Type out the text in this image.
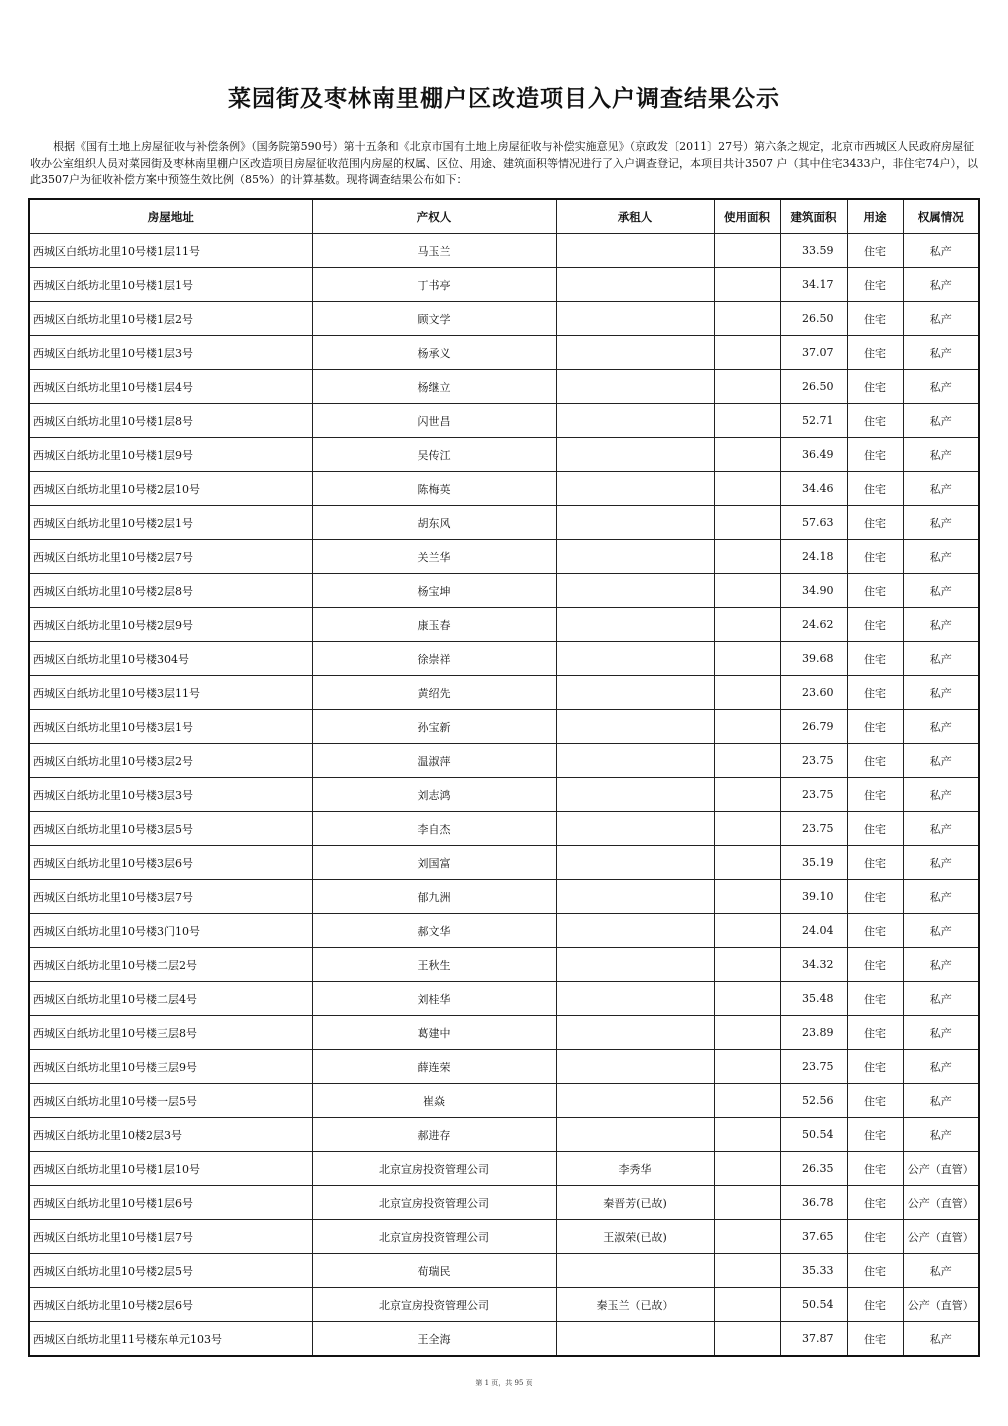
菜园街及枣林南里棚户区改造项目入户调查结果公示

根据《国有土地上房屋征收与补偿条例》（国务院第590号）第十五条和《北京市国有土地上房屋征收与补偿实施意见》（京政发〔2011〕27号）第六条之规定，北京市西城区人民政府房屋征收办公室组织人员对菜园街及枣林南里棚户区改造项目房屋征收范围内房屋的权属、区位、用途、建筑面积等情况进行了入户调查登记，本项目共计3507 户（其中住宅3433户，非住宅74户），以此3507户为征收补偿方案中预签生效比例（85%）的计算基数。现将调查结果公布如下：

房屋地址	产权人	承租人	使用面积	建筑面积	用途	权属情况
西城区白纸坊北里10号楼1层11号	马玉兰			33.59	住宅	私产
西城区白纸坊北里10号楼1层1号	丁书亭			34.17	住宅	私产
西城区白纸坊北里10号楼1层2号	顾文学			26.50	住宅	私产
西城区白纸坊北里10号楼1层3号	杨承义			37.07	住宅	私产
西城区白纸坊北里10号楼1层4号	杨继立			26.50	住宅	私产
西城区白纸坊北里10号楼1层8号	闪世昌			52.71	住宅	私产
西城区白纸坊北里10号楼1层9号	吴传江			36.49	住宅	私产
西城区白纸坊北里10号楼2层10号	陈梅英			34.46	住宅	私产
西城区白纸坊北里10号楼2层1号	胡东风			57.63	住宅	私产
西城区白纸坊北里10号楼2层7号	关兰华			24.18	住宅	私产
西城区白纸坊北里10号楼2层8号	杨宝坤			34.90	住宅	私产
西城区白纸坊北里10号楼2层9号	康玉春			24.62	住宅	私产
西城区白纸坊北里10号楼304号	徐崇祥			39.68	住宅	私产
西城区白纸坊北里10号楼3层11号	黄绍先			23.60	住宅	私产
西城区白纸坊北里10号楼3层1号	孙宝新			26.79	住宅	私产
西城区白纸坊北里10号楼3层2号	温淑萍			23.75	住宅	私产
西城区白纸坊北里10号楼3层3号	刘志鸿			23.75	住宅	私产
西城区白纸坊北里10号楼3层5号	李自杰			23.75	住宅	私产
西城区白纸坊北里10号楼3层6号	刘国富			35.19	住宅	私产
西城区白纸坊北里10号楼3层7号	郁九洲			39.10	住宅	私产
西城区白纸坊北里10号楼3门10号	郝文华			24.04	住宅	私产
西城区白纸坊北里10号楼二层2号	王秋生			34.32	住宅	私产
西城区白纸坊北里10号楼二层4号	刘桂华			35.48	住宅	私产
西城区白纸坊北里10号楼三层8号	葛建中			23.89	住宅	私产
西城区白纸坊北里10号楼三层9号	薛连荣			23.75	住宅	私产
西城区白纸坊北里10号楼一层5号	崔焱			52.56	住宅	私产
西城区白纸坊北里10楼2层3号	郝进存			50.54	住宅	私产
西城区白纸坊北里10号楼1层10号	北京宣房投资管理公司	李秀华		26.35	住宅	公产（直管）
西城区白纸坊北里10号楼1层6号	北京宣房投资管理公司	秦晋芳(已故)		36.78	住宅	公产（直管）
西城区白纸坊北里10号楼1层7号	北京宣房投资管理公司	王淑荣(已故)		37.65	住宅	公产（直管）
西城区白纸坊北里10号楼2层5号	荀瑞民			35.33	住宅	私产
西城区白纸坊北里10号楼2层6号	北京宣房投资管理公司	秦玉兰（已故）		50.54	住宅	公产（直管）
西城区白纸坊北里11号楼东单元103号	王全海			37.87	住宅	私产

第 1 页，共 95 页
